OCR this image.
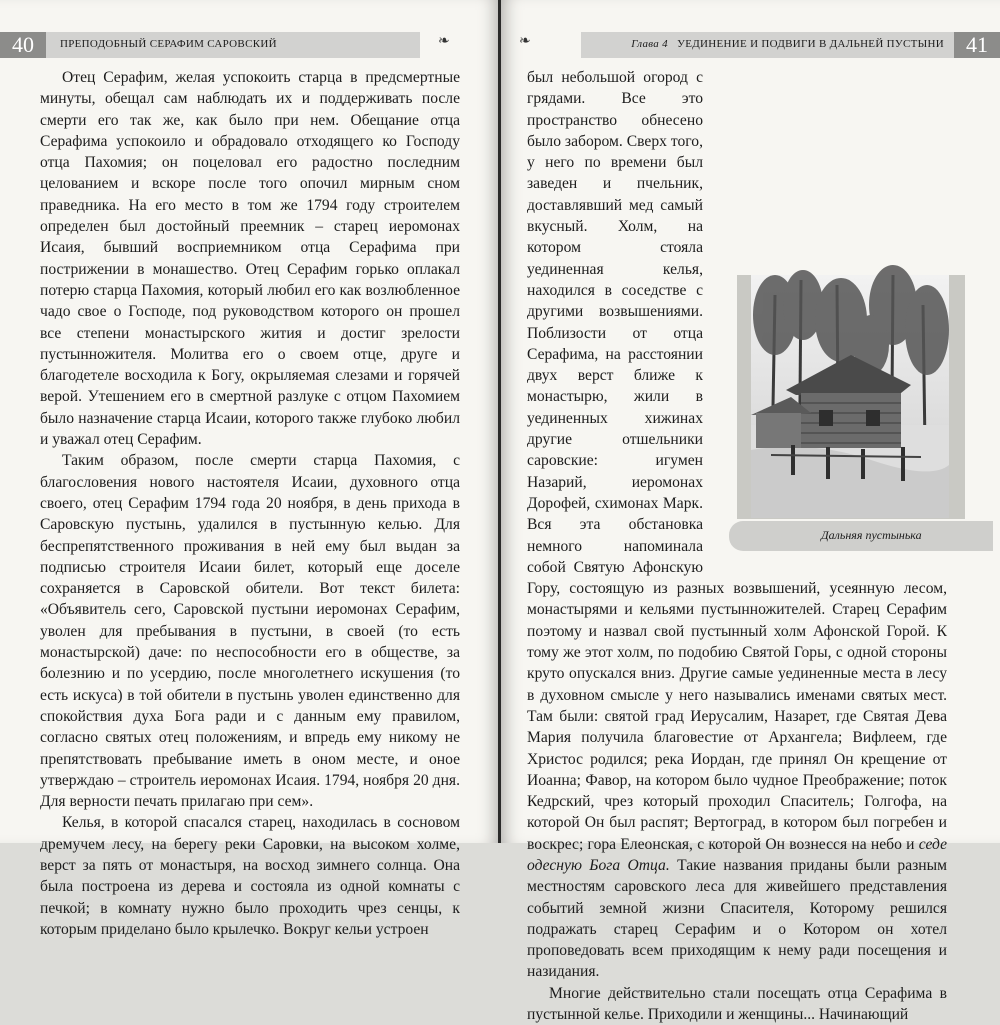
40	ПРЕПОДОБНЫЙ СЕРАФИМ САРОВСКИЙ	❧

Отец Серафим, желая успокоить старца в предсмертные минуты, обещал сам наблюдать их и поддерживать после смерти его так же, как было при нем. Обещание отца Серафима успокоило и обрадовало отходящего ко Господу отца Пахомия; он поцеловал его радостно последним целованием и вскоре после того опочил мирным сном праведника. На его место в том же 1794 году строителем определен был достойный преемник – старец иеромонах Исаия, бывший восприемником отца Серафима при пострижении в монашество. Отец Серафим горько оплакал потерю старца Пахомия, который любил его как возлюбленное чадо свое о Господе, под руководством которого он прошел все степени монастырского жития и достиг зрелости пустынножителя. Молитва его о своем отце, друге и благодетеле восходила к Богу, окрыляемая слезами и горячей верой. Утешением его в смертной разлуке с отцом Пахомием было назначение старца Исаии, которого также глубоко любил и уважал отец Серафим.

Таким образом, после смерти старца Пахомия, с благословения нового настоятеля Исаии, духовного отца своего, отец Серафим 1794 года 20 ноября, в день прихода в Саровскую пустынь, удалился в пустынную келью. Для беспрепятственного проживания в ней ему был выдан за подписью строителя Исаии билет, который еще доселе сохраняется в Саровской обители. Вот текст билета: «Объявитель сего, Саровской пустыни иеромонах Серафим, уволен для пребывания в пустыни, в своей (то есть монастырской) даче: по неспособности его в обществе, за болезнию и по усердию, после многолетнего искушения (то есть искуса) в той обители в пустынь уволен единственно для спокойствия духа Бога ради и с данным ему правилом, согласно святых отец положениям, и впредь ему никому не препятствовать пребывание иметь в оном месте, и оное утверждаю – строитель иеромонах Исаия. 1794, ноября 20 дня. Для верности печать прилагаю при сем».

Келья, в которой спасался старец, находилась в сосновом дремучем лесу, на берегу реки Саровки, на высоком холме, верст за пять от монастыря, на восход зимнего солнца. Она была построена из дерева и состояла из одной комнаты с печкой; в комнату нужно было проходить чрез сенцы, к которым приделано было крылечко. Вокруг кельи устроен

41
Глава 4 УЕДИНЕНИЕ И ПОДВИГИ В ДАЛЬНЕЙ ПУСТЫНИ
❧

был небольшой огород с грядами. Все это пространство обнесено было забором. Сверх того, у него по времени был заведен и пчельник, доставлявший мед самый вкусный. Холм, на котором стояла уединенная келья, находился в соседстве с другими возвышениями. Поблизости от отца Серафима, на расстоянии двух верст ближе к монастырю, жили в уединенных хижинах другие отшельники саровские: игумен Назарий, иеромонах Дорофей, схимонах Марк. Вся эта обстановка немного напоминала собой Святую Афонскую Гору, состоящую из разных возвышений, усеянную лесом, монастырями и кельями пустынножителей. Старец Серафим поэтому и назвал свой пустынный холм Афонской Горой. К тому же этот холм, по подобию Святой Горы, с одной стороны круто опускался вниз. Другие самые уединенные места в лесу в духовном смысле у него назывались именами святых мест. Там были: святой град Иерусалим, Назарет, где Святая Дева Мария получила благовестие от Архангела; Вифлеем, где Христос родился; река Иордан, где принял Он крещение от Иоанна; Фавор, на котором было чудное Преображение; поток Кедрский, чрез который проходил Спаситель; Голгофа, на которой Он был распят; Вертоград, в котором был погребен и воскрес; гора Елеонская, с которой Он вознесся на небо и седе одесную Бога Отца. Такие названия приданы были разным местностям саровского леса для живейшего представления событий земной жизни Спасителя, Которому решился подражать старец Серафим и о Котором он хотел проповедовать всем приходящим к нему ради посещения и назидания.

Многие действительно стали посещать отца Серафима в пустынной келье. Приходили и женщины... Начинающий

Дальняя пустынька
